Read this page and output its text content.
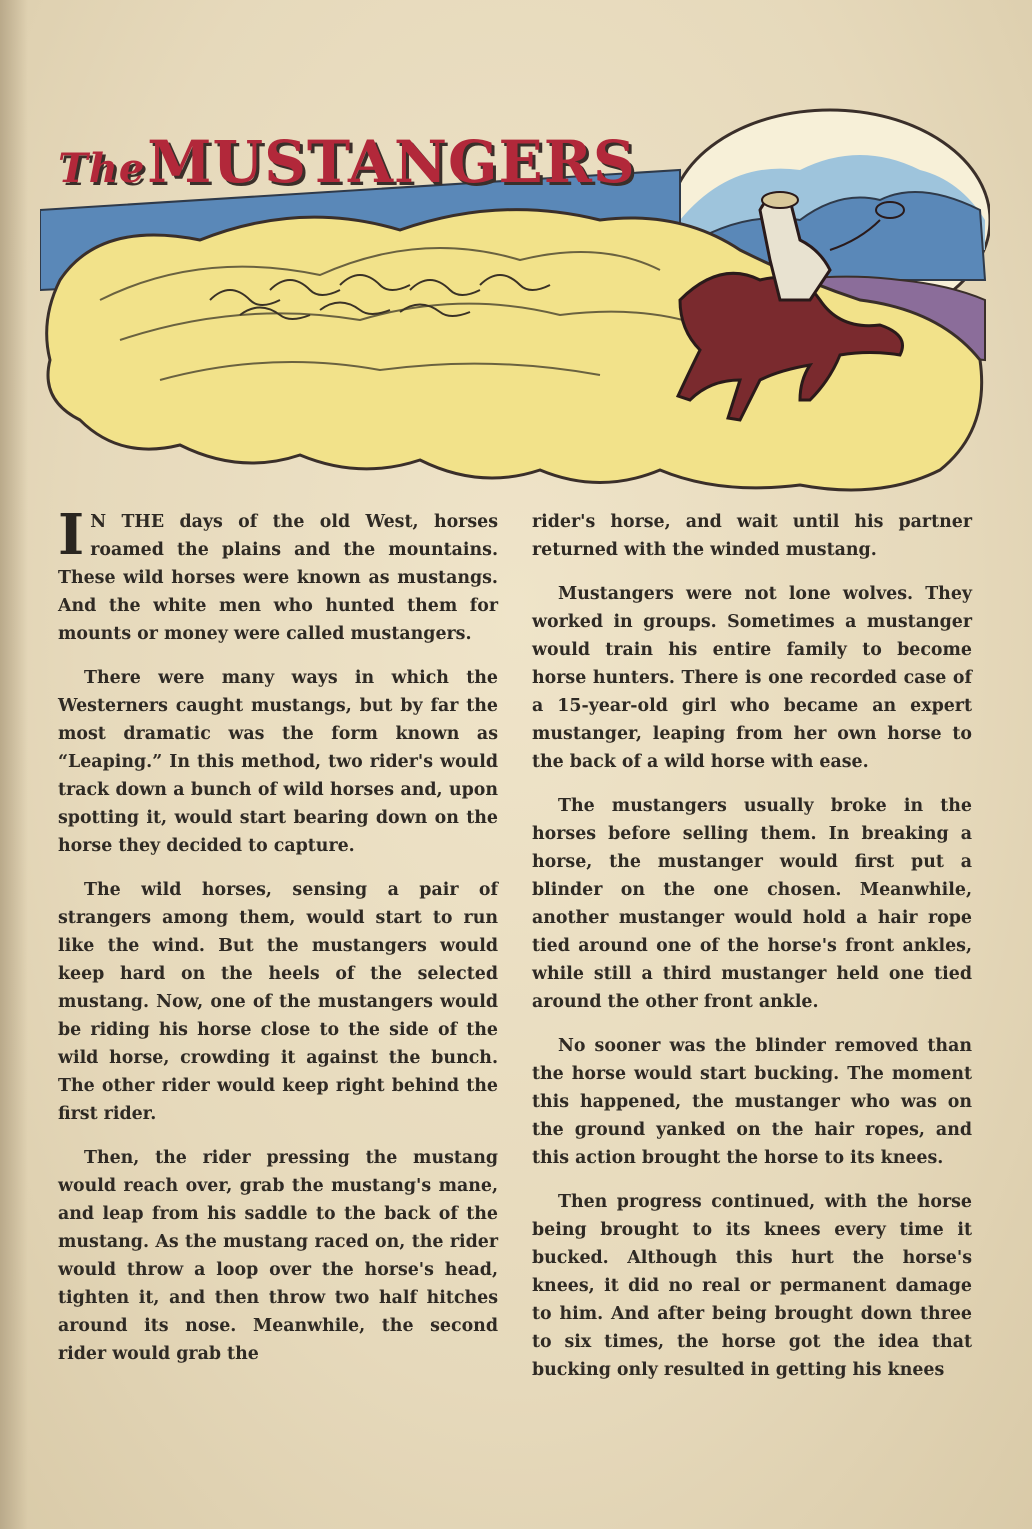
TheMUSTANGERS

I N THE days of the old West, horses roamed the plains and the mountains. These wild horses were known as mustangs. And the white men who hunted them for mounts or money were called mustangers.

There were many ways in which the Westerners caught mustangs, but by far the most dramatic was the form known as “Leaping.” In this method, two rider's would track down a bunch of wild horses and, upon spotting it, would start bearing down on the horse they decided to capture.

The wild horses, sensing a pair of strangers among them, would start to run like the wind. But the mustangers would keep hard on the heels of the selected mustang. Now, one of the mustangers would be riding his horse close to the side of the wild horse, crowding it against the bunch. The other rider would keep right behind the first rider.

Then, the rider pressing the mustang would reach over, grab the mustang's mane, and leap from his saddle to the back of the mustang. As the mustang raced on, the rider would throw a loop over the horse's head, tighten it, and then throw two half hitches around its nose. Meanwhile, the second rider would grab the

rider's horse, and wait until his partner returned with the winded mustang.

Mustangers were not lone wolves. They worked in groups. Sometimes a mustanger would train his entire family to become horse hunters. There is one recorded case of a 15-year-old girl who became an expert mustanger, leaping from her own horse to the back of a wild horse with ease.

The mustangers usually broke in the horses before selling them. In breaking a horse, the mustanger would first put a blinder on the one chosen. Meanwhile, another mustanger would hold a hair rope tied around one of the horse's front ankles, while still a third mustanger held one tied around the other front ankle.

No sooner was the blinder removed than the horse would start bucking. The moment this happened, the mustanger who was on the ground yanked on the hair ropes, and this action brought the horse to its knees.

Then progress continued, with the horse being brought to its knees every time it bucked. Although this hurt the horse's knees, it did no real or permanent damage to him. And after being brought down three to six times, the horse got the idea that bucking only resulted in getting his knees
